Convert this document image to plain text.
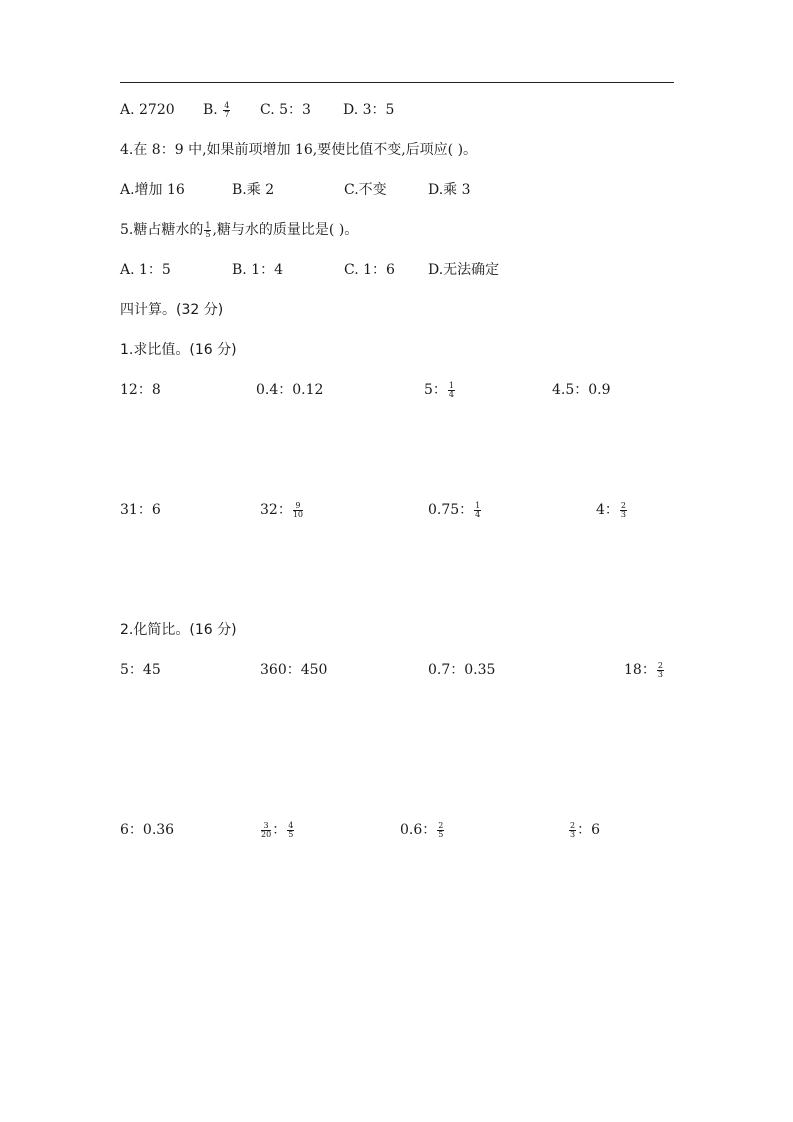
A. 2720 B. $\frac{4}{7} C$. 5：3 D. 3：5
4.在 8：9 中,如果前项增加 16,要使比值不变,后项应( )。
A.增加 16	B.乘 2	C.不变	D.乘 3
5.糖占糖水的 $\frac{1}{5}$ ,糖与水的质量比是( )。
A. 1：5	B. 1：4	C. 1：6 D.无法确定
四计算。(32 分)
1.求比值。(16 分)
12：8	0.4：0.12	5： $\frac{1}{4}$	4.5：0.9
31：6	32： $\frac{9}{10}$	0.75： $\frac{1}{4}$	4： $\frac{2}{3}$
2.化简比。(16 分)
5：45	360：450	0.7：0.35	18： $\frac{2}{3}$
6：0.36	$\frac{3}{20}$ ： $\frac{4}{5}$	0.6： $\frac{2}{5}$	$\frac{2}{3}$ ：6
